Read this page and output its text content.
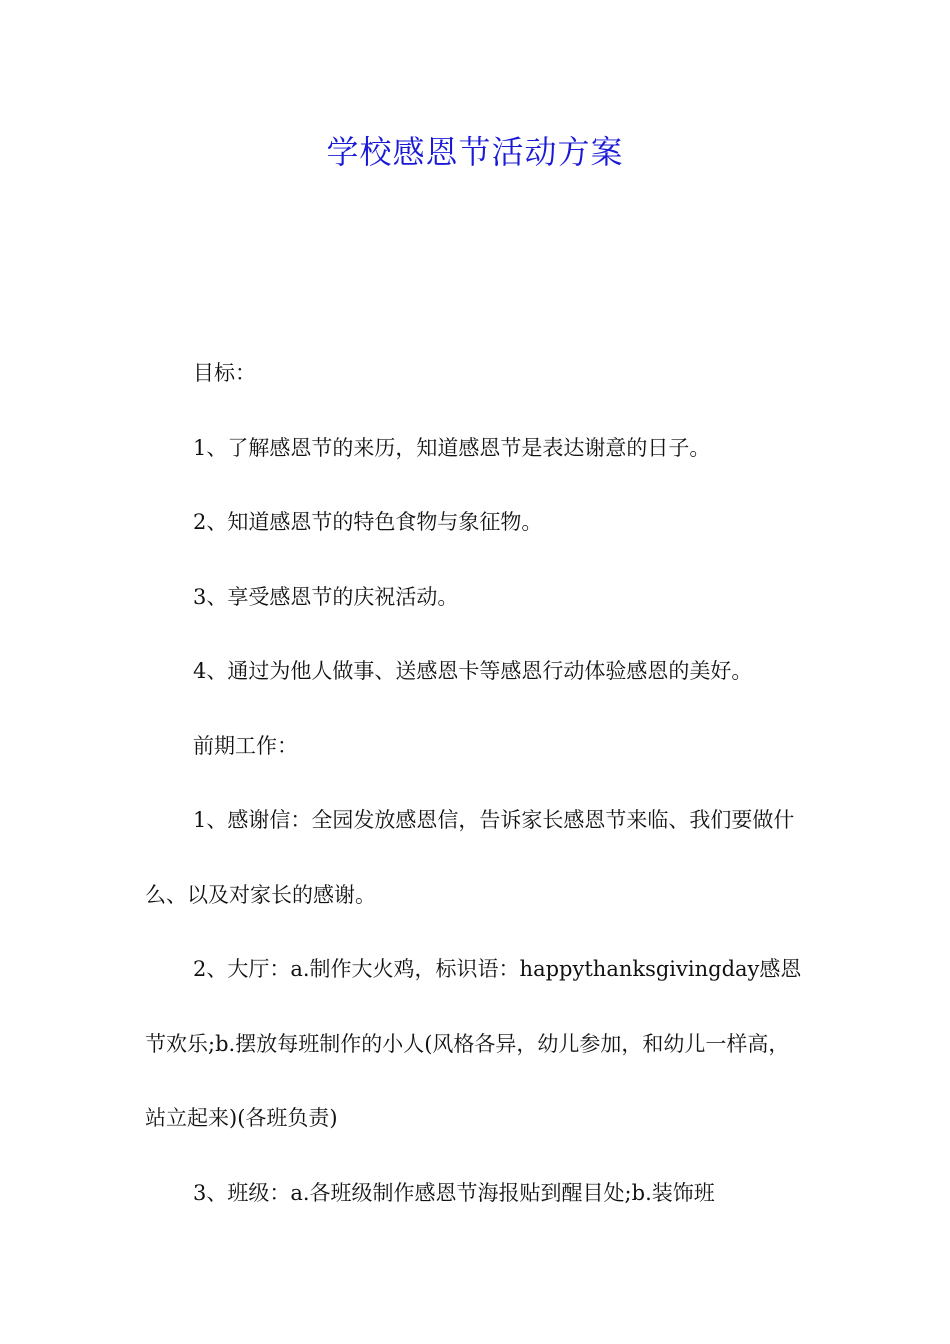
学校感恩节活动方案

目标：

1、了解感恩节的来历，知道感恩节是表达谢意的日子。

2、知道感恩节的特色食物与象征物。

3、享受感恩节的庆祝活动。

4、通过为他人做事、送感恩卡等感恩行动体验感恩的美好。

前期工作：

1、感谢信：全园发放感恩信，告诉家长感恩节来临、我们要做什么、以及对家长的感谢。

2、大厅：a.制作大火鸡，标识语：happythanksgivingday感恩节欢乐;b.摆放每班制作的小人(风格各异，幼儿参加，和幼儿一样高，站立起来)(各班负责)

3、班级：a.各班级制作感恩节海报贴到醒目处;b.装饰班
